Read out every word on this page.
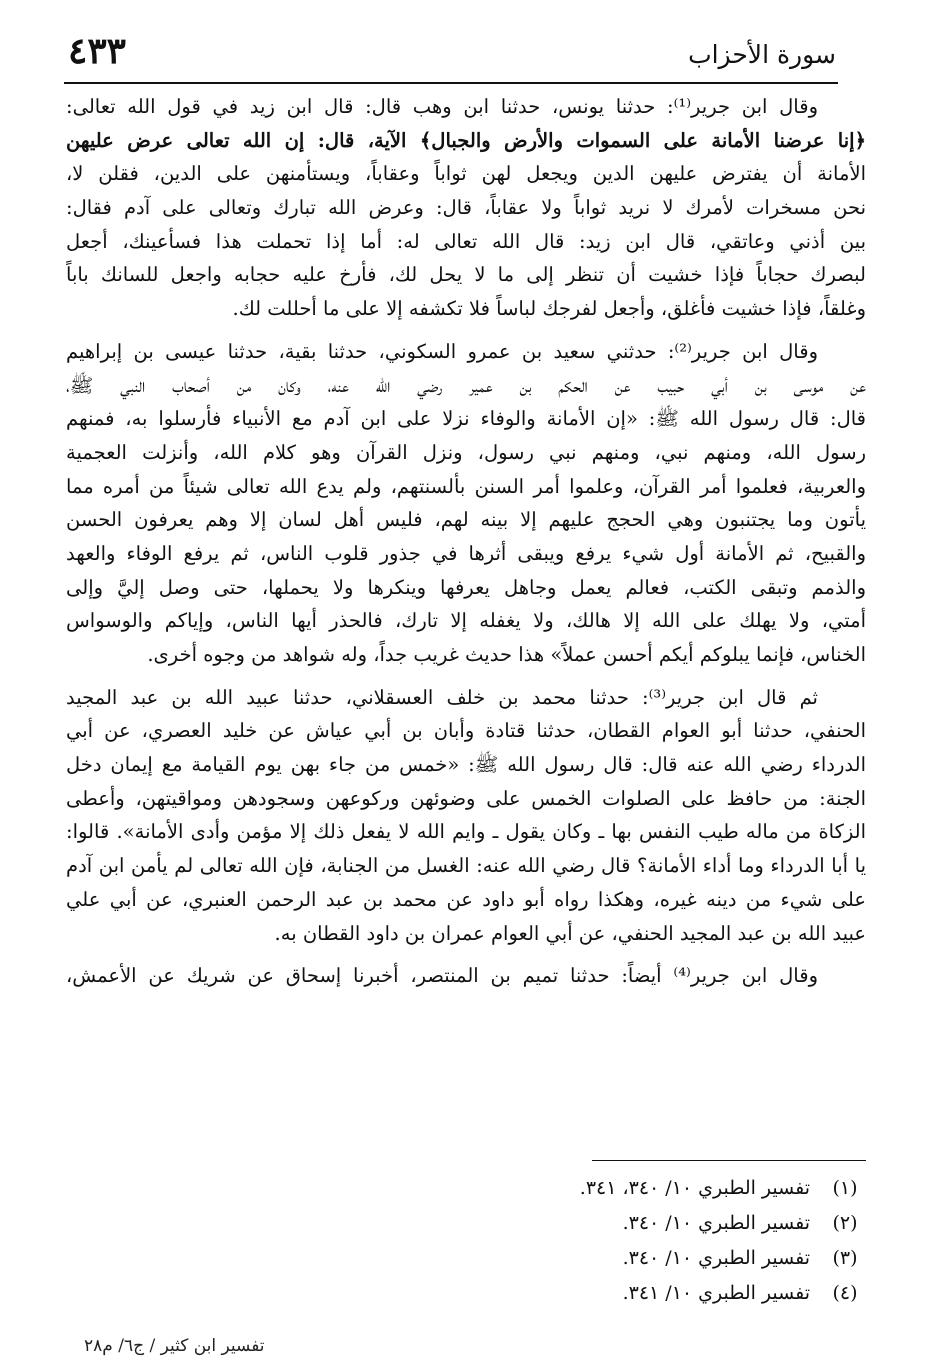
٤٣٣	سورة الأحزاب
وقال ابن جرير⁽¹⁾: حدثنا يونس، حدثنا ابن وهب قال: قال ابن زيد في قول الله تعالى:
﴿إنا عرضنا الأمانة على السموات والأرض والجبال﴾ الآية، قال: إن الله تعالى عرض عليهن
الأمانة أن يفترض عليهن الدين ويجعل لهن ثواباً وعقاباً، ويستأمنهن على الدين، فقلن لا،
نحن مسخرات لأمرك لا نريد ثواباً ولا عقاباً، قال: وعرض الله تبارك وتعالى على آدم فقال:
بين أذني وعاتقي، قال ابن زيد: قال الله تعالى له: أما إذا تحملت هذا فسأعينك، أجعل
لبصرك حجاباً فإذا خشيت أن تنظر إلى ما لا يحل لك، فأرخ عليه حجابه واجعل للسانك باباً
وغلقاً، فإذا خشيت فأغلق، وأجعل لفرجك لباساً فلا تكشفه إلا على ما أحللت لك.
وقال ابن جرير⁽²⁾: حدثني سعيد بن عمرو السكوني، حدثنا بقية، حدثنا عيسى بن إبراهيم
عن موسى بن أبي حبيب عن الحكم بن عمير رضي الله عنه، وكان من أصحاب النبي ﷺ،
قال: قال رسول الله ﷺ: «إن الأمانة والوفاء نزلا على ابن آدم مع الأنبياء فأرسلوا به، فمنهم
رسول الله، ومنهم نبي، ومنهم نبي رسول، ونزل القرآن وهو كلام الله، وأنزلت العجمية
والعربية، فعلموا أمر القرآن، وعلموا أمر السنن بألسنتهم، ولم يدع الله تعالى شيئاً من أمره مما
يأتون وما يجتنبون وهي الحجج عليهم إلا بينه لهم، فليس أهل لسان إلا وهم يعرفون الحسن
والقبيح، ثم الأمانة أول شيء يرفع ويبقى أثرها في جذور قلوب الناس، ثم يرفع الوفاء والعهد
والذمم وتبقى الكتب، فعالم يعمل وجاهل يعرفها وينكرها ولا يحملها، حتى وصل إليَّ وإلى
أمتي، ولا يهلك على الله إلا هالك، ولا يغفله إلا تارك، فالحذر أيها الناس، وإياكم والوسواس
الخناس، فإنما يبلوكم أيكم أحسن عملاً» هذا حديث غريب جداً، وله شواهد من وجوه أخرى.
ثم قال ابن جرير⁽³⁾: حدثنا محمد بن خلف العسقلاني، حدثنا عبيد الله بن عبد المجيد
الحنفي، حدثنا أبو العوام القطان، حدثنا قتادة وأبان بن أبي عياش عن خليد العصري، عن أبي
الدرداء رضي الله عنه قال: قال رسول الله ﷺ: «خمس من جاء بهن يوم القيامة مع إيمان دخل
الجنة: من حافظ على الصلوات الخمس على وضوئهن وركوعهن وسجودهن ومواقيتهن، وأعطى
الزكاة من ماله طيب النفس بها ـ وكان يقول ـ وايم الله لا يفعل ذلك إلا مؤمن وأدى الأمانة». قالوا:
يا أبا الدرداء وما أداء الأمانة؟ قال رضي الله عنه: الغسل من الجنابة، فإن الله تعالى لم يأمن ابن آدم
على شيء من دينه غيره، وهكذا رواه أبو داود عن محمد بن عبد الرحمن العنبري، عن أبي علي
عبيد الله بن عبد المجيد الحنفي، عن أبي العوام عمران بن داود القطان به.
وقال ابن جرير⁽⁴⁾ أيضاً: حدثنا تميم بن المنتصر، أخبرنا إسحاق عن شريك عن الأعمش،
(١)
تفسير الطبري ١٠/ ٣٤٠، ٣٤١.
(٢)
تفسير الطبري ١٠/ ٣٤٠.
(٣)
تفسير الطبري ١٠/ ٣٤٠.
(٤)
تفسير الطبري ١٠/ ٣٤١.
تفسير ابن كثير / ج٦/ م٢٨
